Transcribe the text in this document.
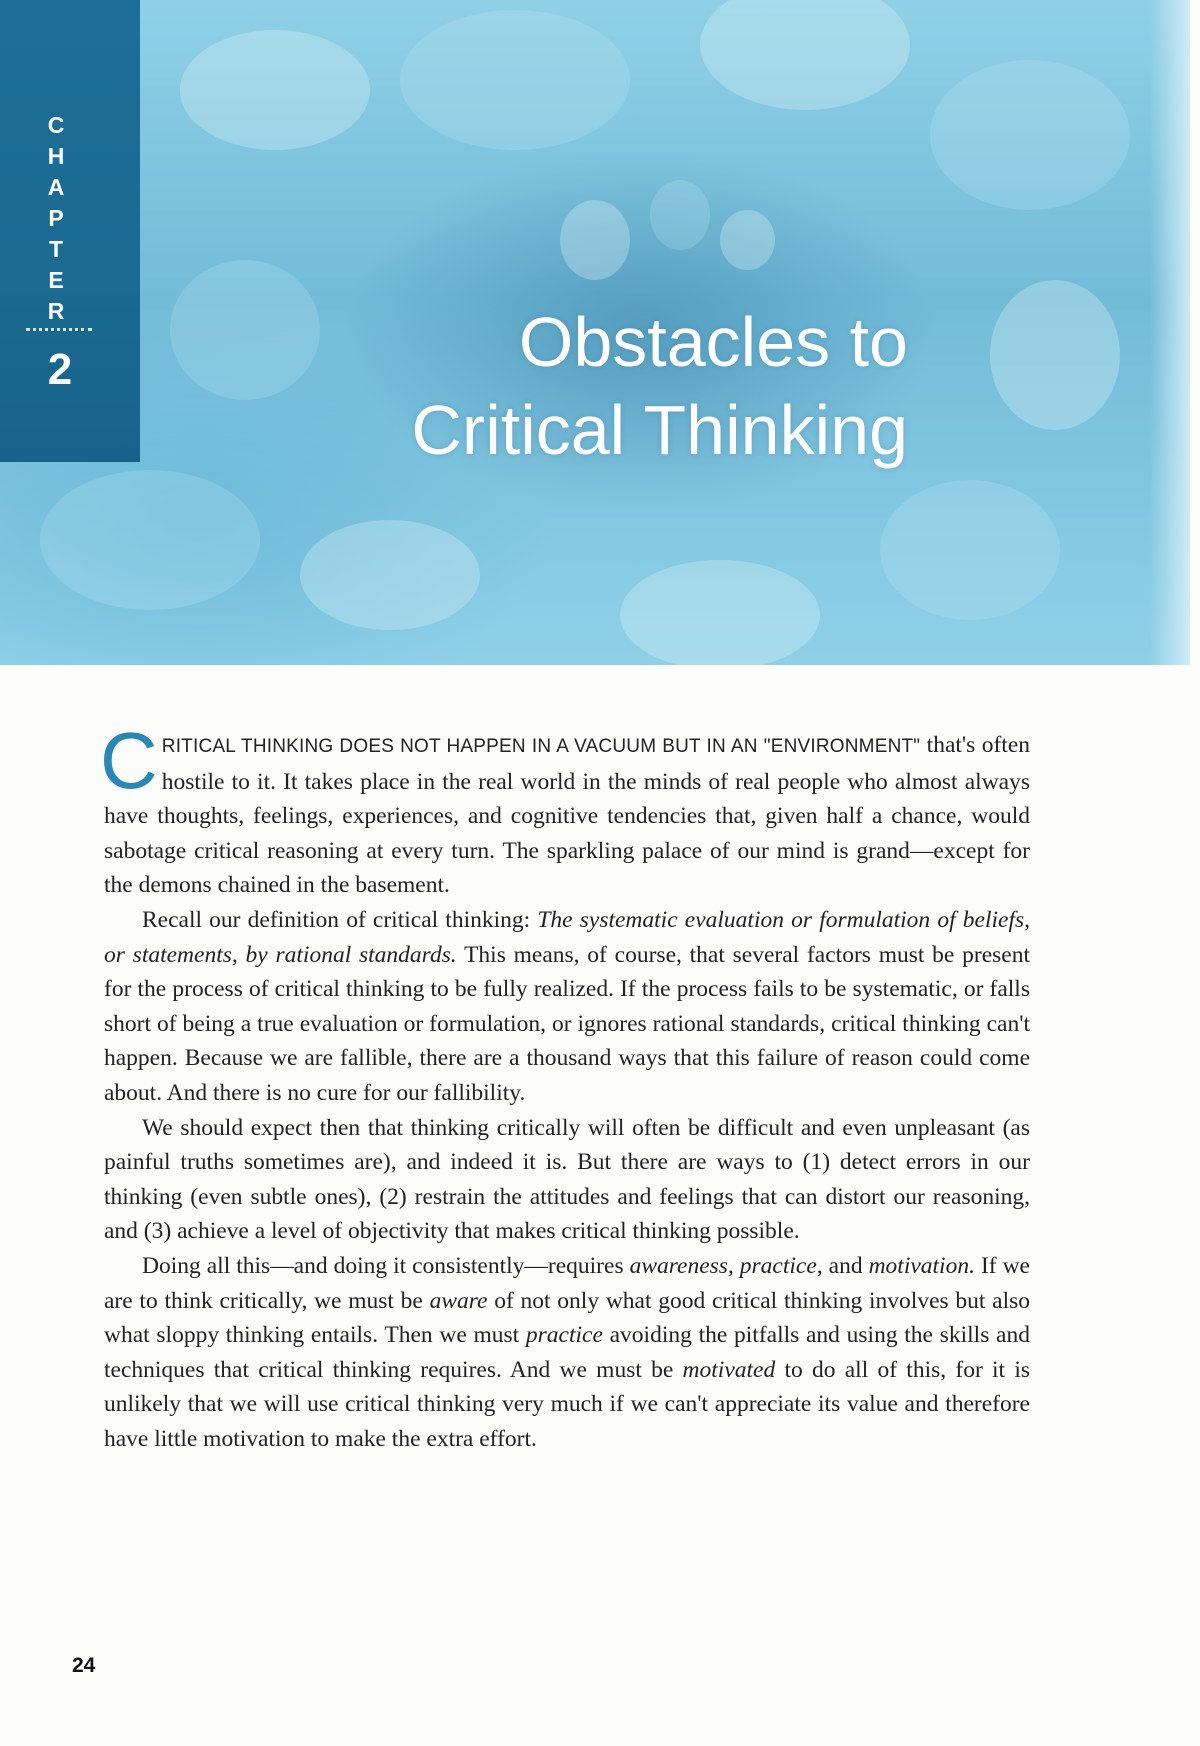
CHAPTER
2	Obstacles to
Critical Thinking

CRITICAL THINKING DOES NOT HAPPEN IN A VACUUM BUT IN AN "ENVIRONMENT" that's often hostile to it. It takes place in the real world in the minds of real people who almost always have thoughts, feelings, experiences, and cognitive tendencies that, given half a chance, would sabotage critical reasoning at every turn. The sparkling palace of our mind is grand—except for the demons chained in the basement.

Recall our definition of critical thinking: The systematic evaluation or formulation of beliefs, or statements, by rational standards. This means, of course, that several factors must be present for the process of critical thinking to be fully realized. If the process fails to be systematic, or falls short of being a true evaluation or formulation, or ignores rational standards, critical thinking can't happen. Because we are fallible, there are a thousand ways that this failure of reason could come about. And there is no cure for our fallibility.

We should expect then that thinking critically will often be difficult and even unpleasant (as painful truths sometimes are), and indeed it is. But there are ways to (1) detect errors in our thinking (even subtle ones), (2) restrain the attitudes and feelings that can distort our reasoning, and (3) achieve a level of objectivity that makes critical thinking possible.

Doing all this—and doing it consistently—requires awareness, practice, and motivation. If we are to think critically, we must be aware of not only what good critical thinking involves but also what sloppy thinking entails. Then we must practice avoiding the pitfalls and using the skills and techniques that critical thinking requires. And we must be motivated to do all of this, for it is unlikely that we will use critical thinking very much if we can't appreciate its value and therefore have little motivation to make the extra effort.

24
